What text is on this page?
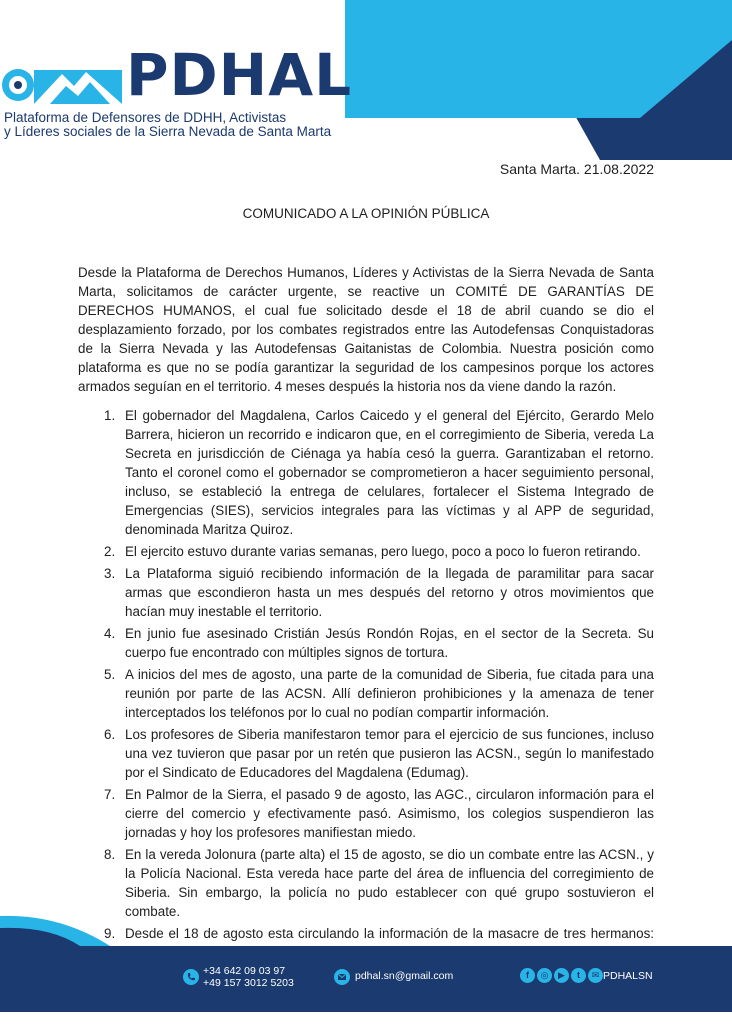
PDHAL
Plataforma de Defensores de DDHH, Activistas
y Líderes sociales de la Sierra Nevada de Santa Marta
Santa Marta. 21.08.2022
COMUNICADO A LA OPINIÓN PÚBLICA

Desde la Plataforma de Derechos Humanos, Líderes y Activistas de la Sierra Nevada de Santa Marta, solicitamos de carácter urgente, se reactive un COMITÉ DE GARANTÍAS DE DERECHOS HUMANOS, el cual fue solicitado desde el 18 de abril cuando se dio el desplazamiento forzado, por los combates registrados entre las Autodefensas Conquistadoras de la Sierra Nevada y las Autodefensas Gaitanistas de Colombia. Nuestra posición como plataforma es que no se podía garantizar la seguridad de los campesinos porque los actores armados seguían en el territorio. 4 meses después la historia nos da viene dando la razón.

1. El gobernador del Magdalena, Carlos Caicedo y el general del Ejército, Gerardo Melo Barrera, hicieron un recorrido e indicaron que, en el corregimiento de Siberia, vereda La Secreta en jurisdicción de Ciénaga ya había cesó la guerra. Garantizaban el retorno. Tanto el coronel como el gobernador se comprometieron a hacer seguimiento personal, incluso, se estableció la entrega de celulares, fortalecer el Sistema Integrado de Emergencias (SIES), servicios integrales para las víctimas y al APP de seguridad, denominada Maritza Quiroz.
2. El ejercito estuvo durante varias semanas, pero luego, poco a poco lo fueron retirando.
3. La Plataforma siguió recibiendo información de la llegada de paramilitar para sacar armas que escondieron hasta un mes después del retorno y otros movimientos que hacían muy inestable el territorio.
4. En junio fue asesinado Cristián Jesús Rondón Rojas, en el sector de la Secreta. Su cuerpo fue encontrado con múltiples signos de tortura.
5. A inicios del mes de agosto, una parte de la comunidad de Siberia, fue citada para una reunión por parte de las ACSN. Allí definieron prohibiciones y la amenaza de tener interceptados los teléfonos por lo cual no podían compartir información.
6. Los profesores de Siberia manifestaron temor para el ejercicio de sus funciones, incluso una vez tuvieron que pasar por un retén que pusieron las ACSN., según lo manifestado por el Sindicato de Educadores del Magdalena (Edumag).
7. En Palmor de la Sierra, el pasado 9 de agosto, las AGC., circularon información para el cierre del comercio y efectivamente pasó. Asimismo, los colegios suspendieron las jornadas y hoy los profesores manifiestan miedo.
8. En la vereda Jolonura (parte alta) el 15 de agosto, se dio un combate entre las ACSN., y la Policía Nacional. Esta vereda hace parte del área de influencia del corregimiento de Siberia. Sin embargo, la policía no pudo establecer con qué grupo sostuvieron el combate.
9. Desde el 18 de agosto esta circulando la información de la masacre de tres hermanos:
+34 642 09 03 97
+49 157 3012 5203
pdhal.sn@gmail.com	f	◎	▶	t	✉ PDHALSN
